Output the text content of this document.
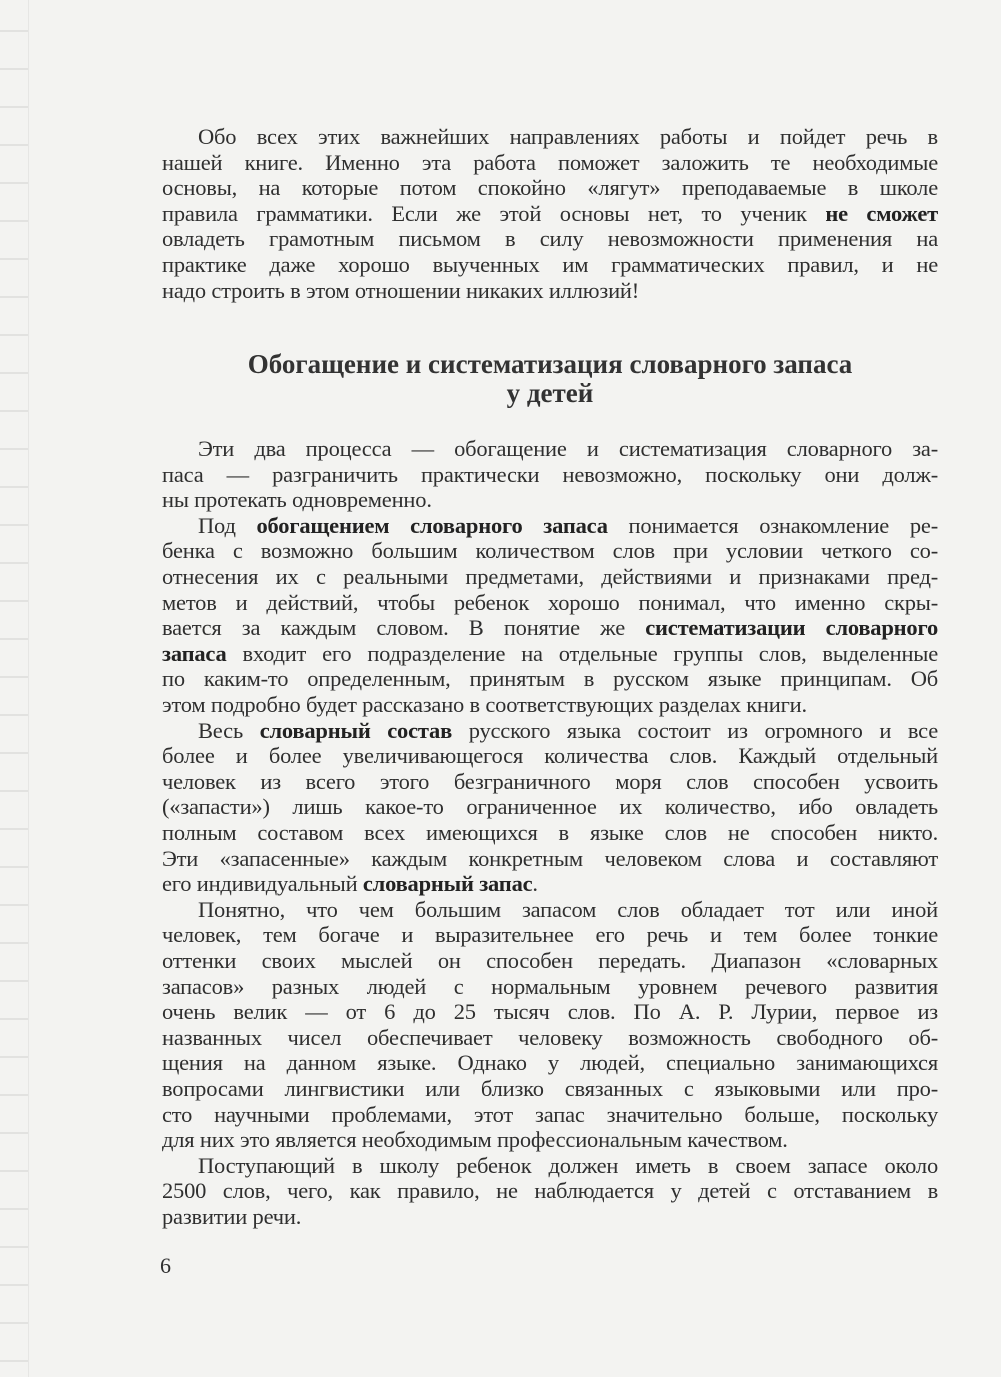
Обо всех этих важнейших направлениях работы и пойдет речь в
нашей книге. Именно эта работа поможет заложить те необходимые
основы, на которые потом спокойно «лягут» преподаваемые в школе
правила грамматики. Если же этой основы нет, то ученик не сможет
овладеть грамотным письмом в силу невозможности применения на
практике даже хорошо выученных им грамматических правил, и не
надо строить в этом отношении никаких иллюзий!
Эти два процесса — обогащение и систематизация словарного за-
паса — разграничить практически невозможно, поскольку они долж-
ны протекать одновременно.
Под обогащением словарного запаса понимается ознакомление ре-
бенка с возможно большим количеством слов при условии четкого со-
отнесения их с реальными предметами, действиями и признаками пред-
метов и действий, чтобы ребенок хорошо понимал, что именно скры-
вается за каждым словом. В понятие же систематизации словарного
запаса входит его подразделение на отдельные группы слов, выделенные
по каким-то определенным, принятым в русском языке принципам. Об
этом подробно будет рассказано в соответствующих разделах книги.
Весь словарный состав русского языка состоит из огромного и все
более и более увеличивающегося количества слов. Каждый отдельный
человек из всего этого безграничного моря слов способен усвоить
(«запасти») лишь какое-то ограниченное их количество, ибо овладеть
полным составом всех имеющихся в языке слов не способен никто.
Эти «запасенные» каждым конкретным человеком слова и составляют
его индивидуальный словарный запас.
Понятно, что чем большим запасом слов обладает тот или иной
человек, тем богаче и выразительнее его речь и тем более тонкие
оттенки своих мыслей он способен передать. Диапазон «словарных
запасов» разных людей с нормальным уровнем речевого развития
очень велик — от 6 до 25 тысяч слов. По А. Р. Лурии, первое из
названных чисел обеспечивает человеку возможность свободного об-
щения на данном языке. Однако у людей, специально занимающихся
вопросами лингвистики или близко связанных с языковыми или про-
сто научными проблемами, этот запас значительно больше, поскольку
для них это является необходимым профессиональным качеством.
Поступающий в школу ребенок должен иметь в своем запасе около
2500 слов, чего, как правило, не наблюдается у детей с отставанием в
развитии речи.
Обогащение и систематизация словарного запаса
у детей
6
